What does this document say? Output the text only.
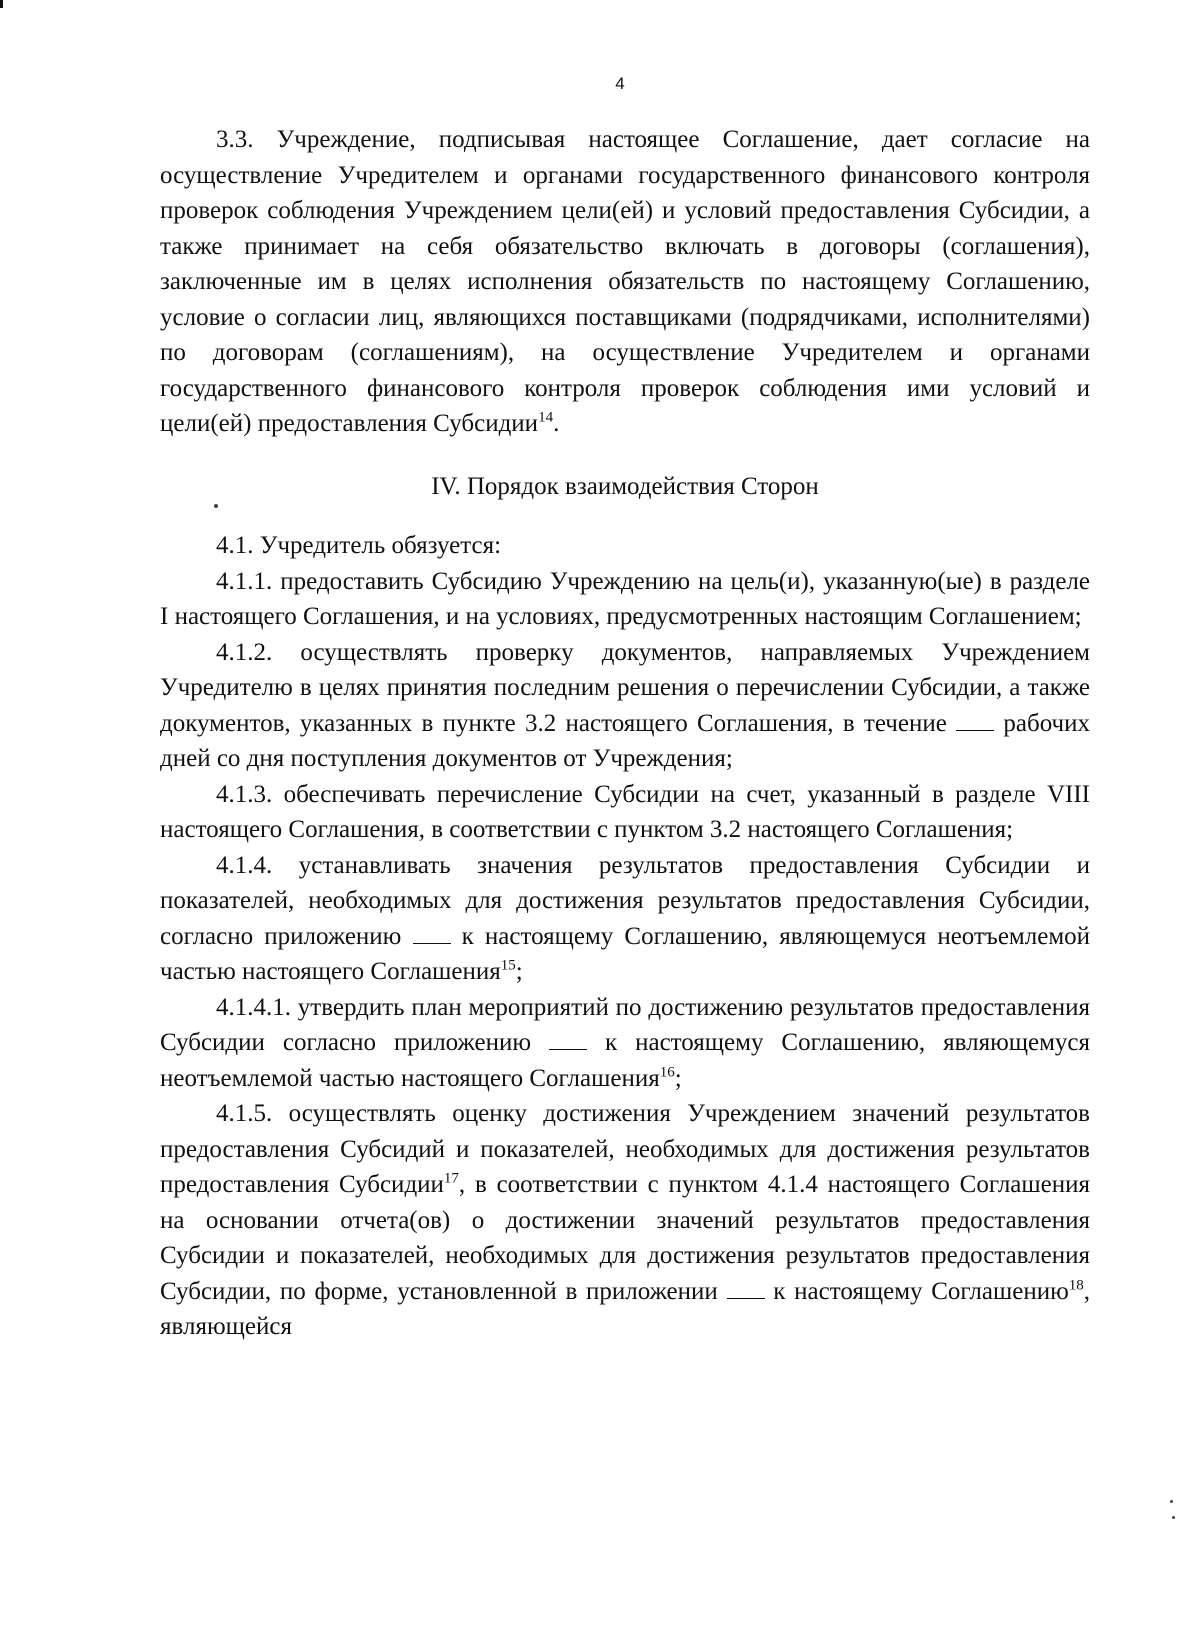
4

3.3. Учреждение, подписывая настоящее Соглашение, дает согласие на осуществление Учредителем и органами государственного финансового контроля проверок соблюдения Учреждением цели(ей) и условий предоставления Субсидии, а также принимает на себя обязательство включать в договоры (соглашения), заключенные им в целях исполнения обязательств по настоящему Соглашению, условие о согласии лиц, являющихся поставщиками (подрядчиками, исполнителями) по договорам (соглашениям), на осуществление Учредителем и органами государственного финансового контроля проверок соблюдения ими условий и цели(ей) предоставления Субсидии$^{14}$.

IV. Порядок взаимодействия Сторон

4.1. Учредитель обязуется:

4.1.1. предоставить Субсидию Учреждению на цель(и), указанную(ые) в разделе I настоящего Соглашения, и на условиях, предусмотренных настоящим Соглашением;

4.1.2. осуществлять проверку документов, направляемых Учреждением Учредителю в целях принятия последним решения о перечислении Субсидии, а также документов, указанных в пункте 3.2 настоящего Соглашения, в течение рабочих дней со дня поступления документов от Учреждения;

4.1.3. обеспечивать перечисление Субсидии на счет, указанный в разделе VIII настоящего Соглашения, в соответствии с пунктом 3.2 настоящего Соглашения;

4.1.4. устанавливать значения результатов предоставления Субсидии и показателей, необходимых для достижения результатов предоставления Субсидии, согласно приложению к настоящему Соглашению, являющемуся неотъемлемой частью настоящего Соглашения$^{15}$;

4.1.4.1. утвердить план мероприятий по достижению результатов предоставления Субсидии согласно приложению	к настоящему Соглашению, являющемуся неотъемлемой частью настоящего Соглашения$^{16}$;

4.1.5. осуществлять оценку достижения Учреждением значений результатов предоставления Субсидий и показателей, необходимых для достижения результатов предоставления Субсидии$^{17}$, в соответствии с пунктом 4.1.4 настоящего Соглашения на основании отчета(ов) о достижении значений результатов предоставления Субсидии и показателей, необходимых для достижения результатов предоставления Субсидии, по форме, установленной в приложении к настоящему Соглашению$^{18}$, являющейся
